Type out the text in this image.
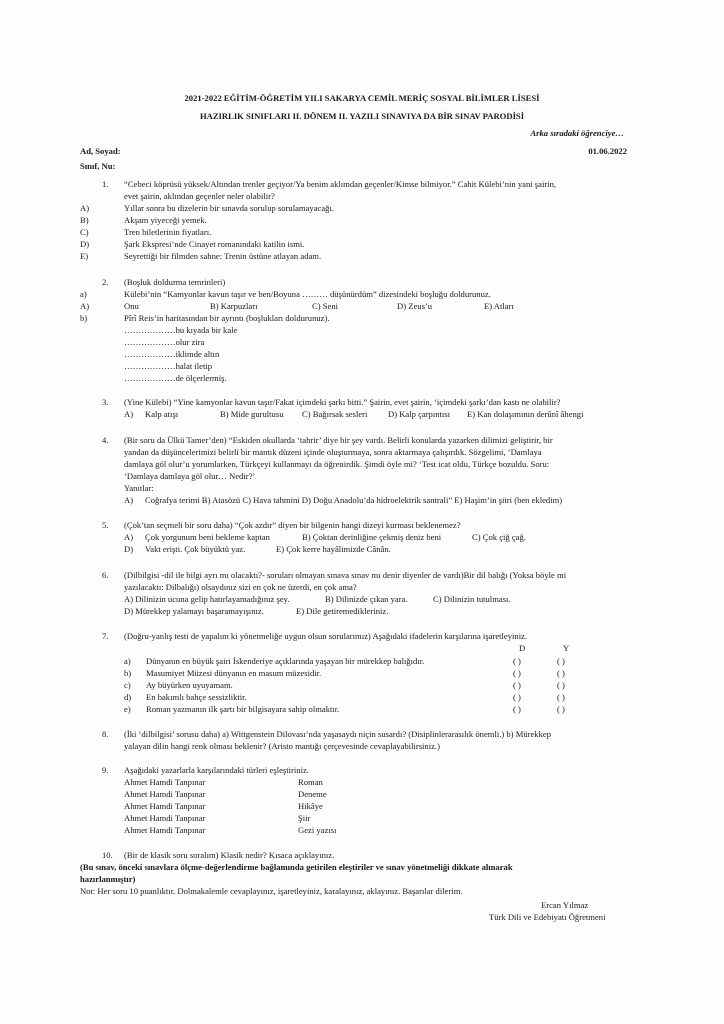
2021-2022 EĞİTİM-ÖĞRETİM YILI SAKARYA CEMİL MERİÇ SOSYAL BİLİMLER LİSESİ
HAZIRLIK SINIFLARI II. DÖNEM II. YAZILI SINAVIYA DA BİR SINAV PARODİSİ
Arka sıradaki öğrenciye…
Ad, Soyad:	01.06.2022
Sınıf, Nu:
1. “Cebeci köprüsü yüksek/Altından trenler geçiyor/Ya benim aklımdan geçenler/Kimse bilmiyor.” Cahit Külebi’nin yani şairin,
evet şairin, aklından geçenler neler olabilir?
A)	Yıllar sonra bu dizelerin bir sınavda sorulup sorulamayacağı.
B)	Akşam yiyeceği yemek.
C)	Tren biletlerinin fiyatları.
D)	Şark Ekspresi’nde Cinayet romanındaki katilin ismi.
E)	Seyrettiği bir filmden sahne: Trenin üstüne atlayan adam.
2. (Boşluk doldurma temrinleri)
a)	Külebi’nin “Kamyonlar kavun taşır ve ben/Boyuna ……… düşünürdüm” dizesindeki boşluğu doldurunuz.
A)	Onu	B) Karpuzları	C) Seni	D) Zeus’u	E) Atları
b)	Pîrî Reis’in haritasından bir ayrıntı (boşlukları doldurunuz).
………………bu kıyada bir kale
………………olur zira
………………iklimde altın
………………halat iletip
………………de ölçerlermiş.
3. (Yine Külebi) “Yine kamyonlar kavun taşır/Fakat içimdeki şarkı bitti.” Şairin, evet şairin, ‘içimdeki şarkı’dan kastı ne olabilir?
A) Kalp atışı	B) Mide gurultusu C) Bağırsak sesleri D) Kalp çarpıntısı E) Kan dolaşımının derûnî âhengi
4. (Bir soru da Ülkü Tamer’den) “Eskiden okullarda ‘tahrir’ diye bir şey vardı. Belirli konularda yazarken dilimizi geliştirir, bir
yandan da düşüncelerimizi belirli bir mantık düzeni içinde oluşturmaya, sonra aktarmaya çalışırdık. Sözgelimi, ‘Damlaya
damlaya göl olur’u yorumlarken, Türkçeyi kullanmayı da öğrenirdik. Şimdi öyle mi? ‘Test icat oldu, Türkçe bozuldu. Soru:
‘Damlaya damlaya göl olur… Nedir?’
Yanıtlar:
A) Coğrafya terimi B) Atasözü C) Hava tahmini D) Doğu Anadolu’da hidroelektrik santrali” E) Haşim’in şiiri (ben ekledim)
5. (Çok’tan seçmeli bir soru daha) “Çok azdır” diyen bir bilgenin hangi dizeyi kurması beklenemez?
A) Çok yorgunum beni bekleme kaptan	B) Çoktan derinliğine çekmiş deniz beni	C) Çok çiğ çağ.
D) Vakt erişti. Çok büyüktü yaz.	E) Çok kerre hayâlimizde Cânân.
6. (Dilbilgisi -dil ile bilgi ayrı mı olacaktı?- soruları olmayan sınava sınav mı denir diyenler de vardı)Bir dil balığı (Yoksa böyle mi
yazılacaktı: Dilbalığı) olsaydınız sizi en çok ne üzerdi, en çok ama?
A) Dilinizin ucuna gelip hatırlayamadığınız şey.	B) Dilinizde çıkan yara.	C) Dilinizin tutulması.
D) Mürekkep yalamayı başaramayışınız.	E) Dile getiremedikleriniz.
7. (Doğru-yanlış testi de yapalım ki yönetmeliğe uygun olsun sorularımız) Aşağıdaki ifadelerin karşılarına işaretleyiniz.
D	Y
a) Dünyanın en büyük şairi İskenderiye açıklarında yaşayan bir mürekkep balığıdır.	( )	( )
b) Masumiyet Müzesi dünyanın en masum müzesidir.	( )	( )
c) Ay büyürken uyuyamam.	( )	( )
d) En bakımlı bahçe sessizliktir.	( )	( )
e) Roman yazmanın ilk şartı bir bilgisayara sahip olmaktır.	( )	( )
8. (İki ‘dilbilgisi’ sorusu daha) a) Wittgenstein Dilovası’nda yaşasaydı niçin susardı? (Disiplinlerarasılık önemli.) b) Mürekkep
yalayan dilin hangi renk olması beklenir? (Aristo mantığı çerçevesinde cevaplayabilirsiniz.)
9. Aşağıdaki yazarlarla karşılarındaki türleri eşleştiriniz.
Ahmet Hamdi Tanpınar	Roman
Ahmet Hamdi Tanpınar	Deneme
Ahmet Hamdi Tanpınar	Hikâye
Ahmet Hamdi Tanpınar	Şiir
Ahmet Hamdi Tanpınar	Gezi yazısı
10. (Bir de klasik soru soralım) Klasik nedir? Kısaca açıklayınız.
(Bu sınav, önceki sınavlara ölçme-değerlendirme bağlamında getirilen eleştiriler ve sınav yönetmeliği dikkate alınarak
hazırlanmıştır)
Not: Her soru 10 puanlıktır. Dolmakalemle cevaplayınız, işaretleyiniz, karalayınız, aklayınız. Başarılar dilerim.
Ercan Yılmaz
Türk Dili ve Edebiyatı Öğretmeni
